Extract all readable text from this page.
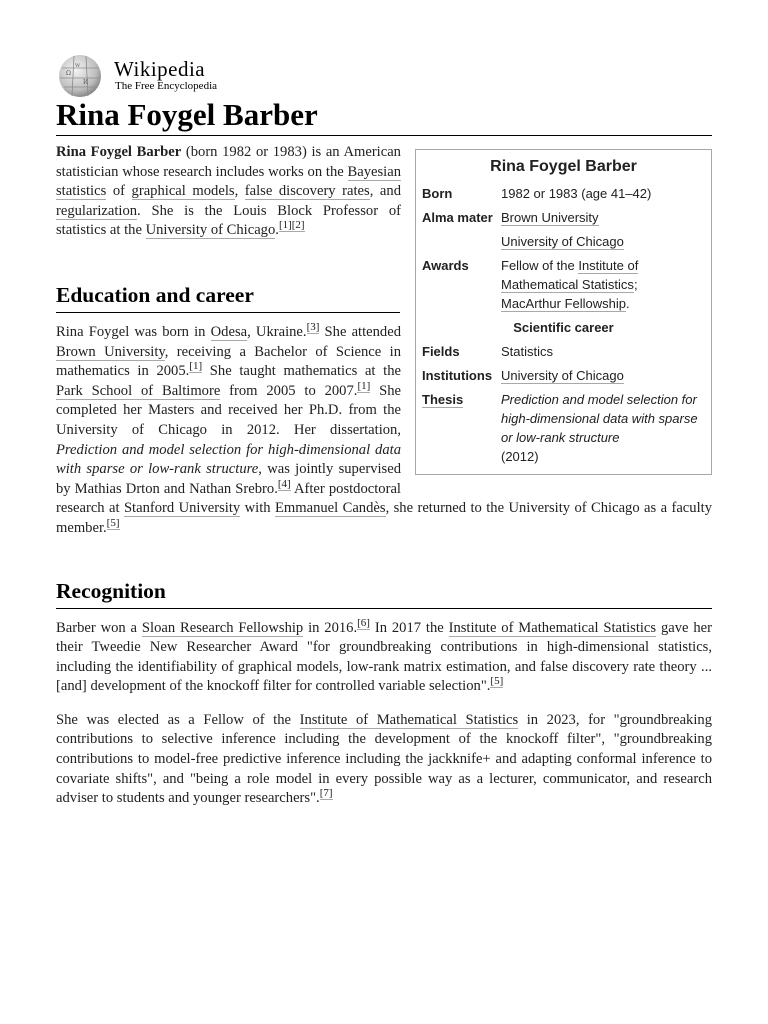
Ω
И
W Wikipedia
The Free Encyclopedia
Rina Foygel Barber
Rina Foygel Barber
Born	1982 or 1983 (age 41–42)
Alma mater Brown University
University of Chicago
Awards	Fellow of the Institute of Mathematical Statistics;
MacArthur Fellowship.
Scientific career
Fields	Statistics
Institutions University of Chicago
Thesis	Prediction and model selection for high-dimensional data with sparse or low-rank structure
(2012)

Rina Foygel Barber (born 1982 or 1983) is an American statistician whose research includes works on the Bayesian statistics of graphical models, false discovery rates, and regularization. She is the Louis Block Professor of statistics at the University of Chicago.[1][2]

Education and career

Rina Foygel was born in Odesa, Ukraine.[3] She attended Brown University, receiving a Bachelor of Science in mathematics in 2005.[1] She taught mathematics at the Park School of Baltimore from 2005 to 2007.[1] She completed her Masters and received her Ph.D. from the University of Chicago in 2012. Her dissertation, Prediction and model selection for high-dimensional data with sparse or low-rank structure, was jointly supervised by Mathias Drton and Nathan Srebro.[4] After postdoctoral research at Stanford University with Emmanuel Candès, she returned to the University of Chicago as a faculty member.[5]

Recognition

Barber won a Sloan Research Fellowship in 2016.[6] In 2017 the Institute of Mathematical Statistics gave her their Tweedie New Researcher Award "for groundbreaking contributions in high-dimensional statistics, including the identifiability of graphical models, low-rank matrix estimation, and false discovery rate theory ... [and] development of the knockoff filter for controlled variable selection".[5]

She was elected as a Fellow of the Institute of Mathematical Statistics in 2023, for "groundbreaking contributions to selective inference including the development of the knockoff filter", "groundbreaking contributions to model-free predictive inference including the jackknife+ and adapting conformal inference to covariate shifts", and "being a role model in every possible way as a lecturer, communicator, and research adviser to students and younger researchers".[7]
